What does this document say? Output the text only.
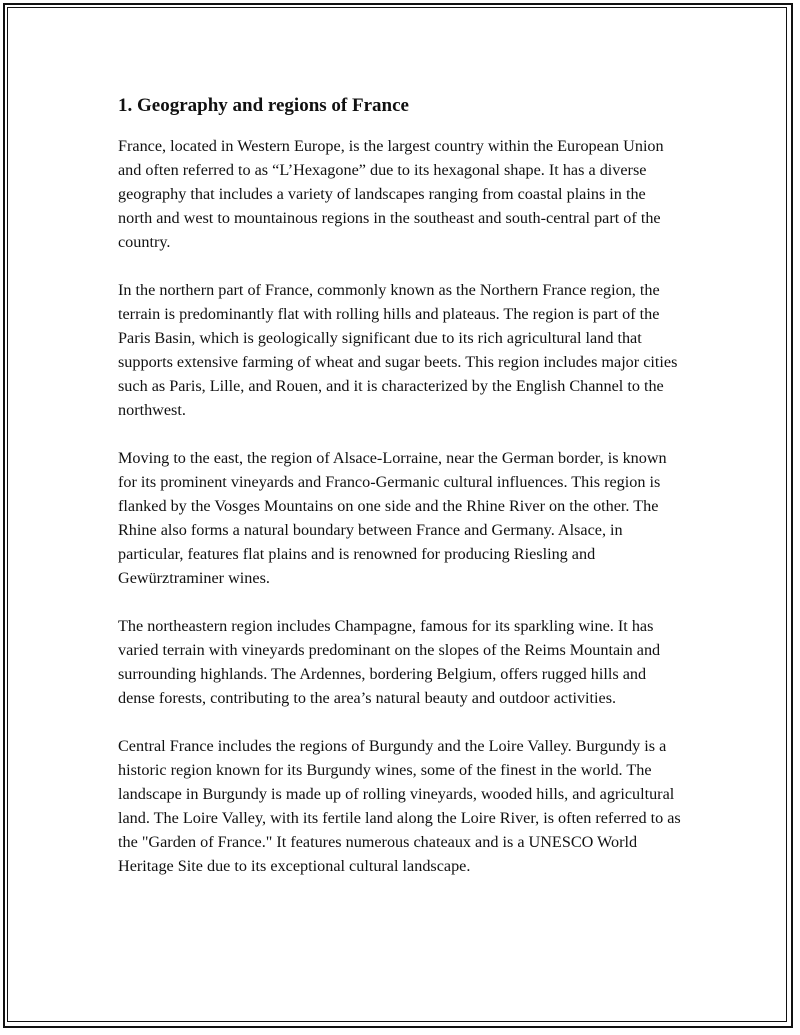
1. Geography and regions of France

France, located in Western Europe, is the largest country within the European Union and often referred to as “L’Hexagone” due to its hexagonal shape. It has a diverse geography that includes a variety of landscapes ranging from coastal plains in the north and west to mountainous regions in the southeast and south-central part of the country.

In the northern part of France, commonly known as the Northern France region, the terrain is predominantly flat with rolling hills and plateaus. The region is part of the Paris Basin, which is geologically significant due to its rich agricultural land that supports extensive farming of wheat and sugar beets. This region includes major cities such as Paris, Lille, and Rouen, and it is characterized by the English Channel to the northwest.

Moving to the east, the region of Alsace-Lorraine, near the German border, is known for its prominent vineyards and Franco-Germanic cultural influences. This region is flanked by the Vosges Mountains on one side and the Rhine River on the other. The Rhine also forms a natural boundary between France and Germany. Alsace, in particular, features flat plains and is renowned for producing Riesling and Gewürztraminer wines.

The northeastern region includes Champagne, famous for its sparkling wine. It has varied terrain with vineyards predominant on the slopes of the Reims Mountain and surrounding highlands. The Ardennes, bordering Belgium, offers rugged hills and dense forests, contributing to the area’s natural beauty and outdoor activities.

Central France includes the regions of Burgundy and the Loire Valley. Burgundy is a historic region known for its Burgundy wines, some of the finest in the world. The landscape in Burgundy is made up of rolling vineyards, wooded hills, and agricultural land. The Loire Valley, with its fertile land along the Loire River, is often referred to as the "Garden of France." It features numerous chateaux and is a UNESCO World Heritage Site due to its exceptional cultural landscape.
